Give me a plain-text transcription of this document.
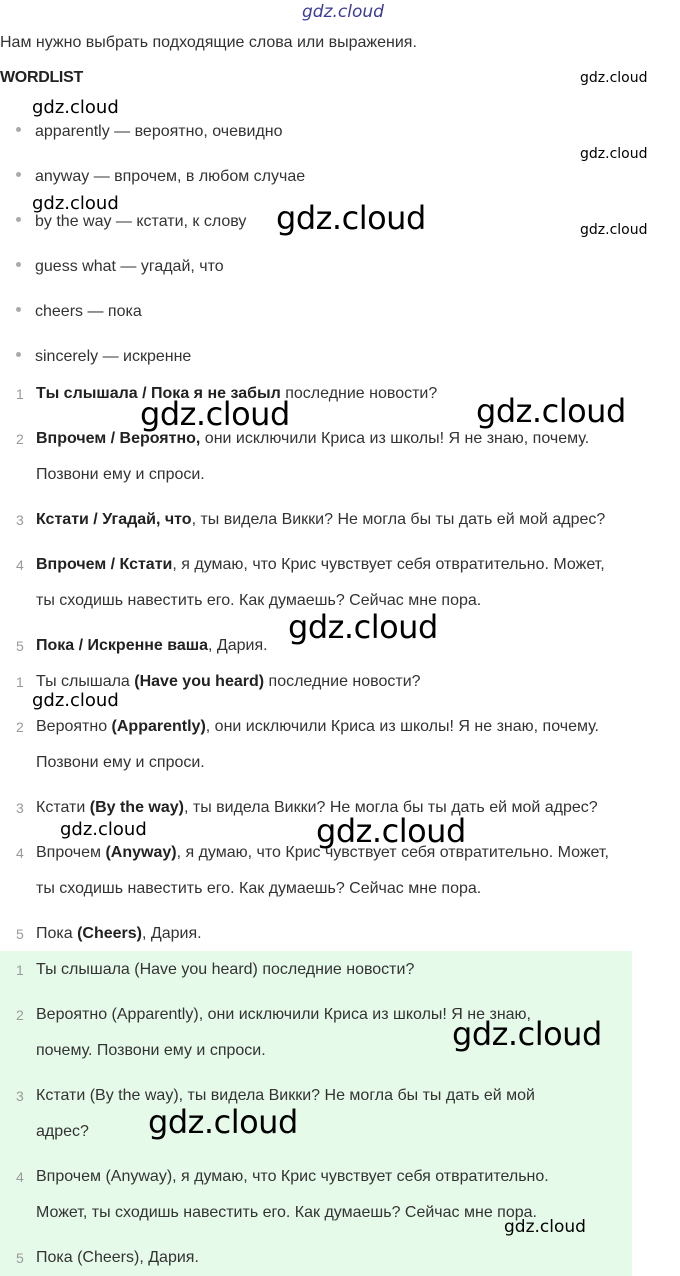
gdz.cloud
Нам нужно выбрать подходящие слова или выражения.
WORDLIST
apparently — вероятно, очевидно
anyway — впрочем, в любом случае
by the way — кстати, к слову
guess what — угадай, что
cheers — пока
sincerely — искренне
1 Ты слышала / Пока я не забыл последние новости?
2 Впрочем / Вероятно, они исключили Криса из школы! Я не знаю, почему.
Позвони ему и спроси.
3 Кстати / Угадай, что, ты видела Викки? Не могла бы ты дать ей мой адрес?
4 Впрочем / Кстати, я думаю, что Крис чувствует себя отвратительно. Может,
ты сходишь навестить его. Как думаешь? Сейчас мне пора.
5 Пока / Искренне ваша, Дария.
1 Ты слышала (Have you heard) последние новости?
2 Вероятно (Apparently), они исключили Криса из школы! Я не знаю, почему.
Позвони ему и спроси.
3 Кстати (By the way), ты видела Викки? Не могла бы ты дать ей мой адрес?
4 Впрочем (Anyway), я думаю, что Крис чувствует себя отвратительно. Может,
ты сходишь навестить его. Как думаешь? Сейчас мне пора.
5 Пока (Cheers), Дария.
1 Ты слышала (Have you heard) последние новости?
2 Вероятно (Apparently), они исключили Криса из школы! Я не знаю,
почему. Позвони ему и спроси.
3 Кстати (By the way), ты видела Викки? Не могла бы ты дать ей мой
адрес?
4 Впрочем (Anyway), я думаю, что Крис чувствует себя отвратительно.
Может, ты сходишь навестить его. Как думаешь? Сейчас мне пора.
5 Пока (Cheers), Дария.
gdz.cloud
gdz.cloud
gdz.cloud
gdz.cloud	gdz.cloud	gdz.cloud
gdz.cloud	gdz.cloud
gdz.cloud
gdz.cloud
gdz.cloud	gdz.cloud
gdz.cloud
gdz.cloud
gdz.cloud
